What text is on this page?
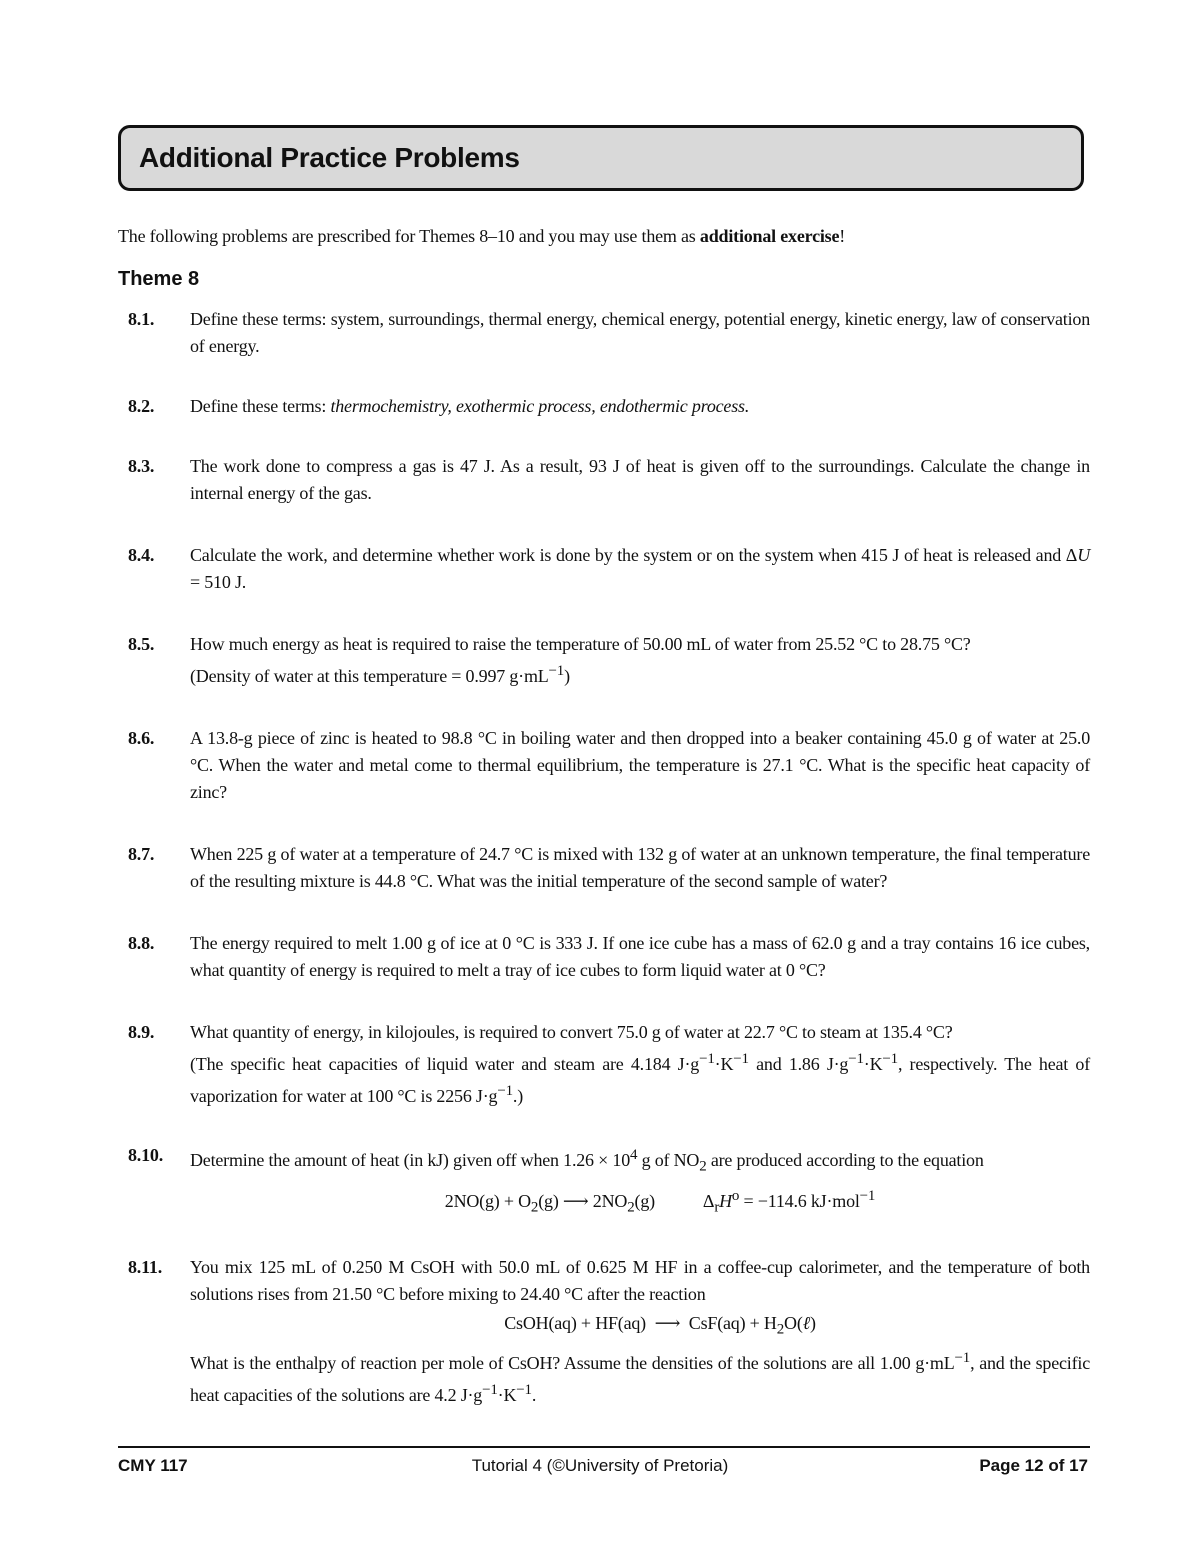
Additional Practice Problems
The following problems are prescribed for Themes 8–10 and you may use them as additional exercise!
Theme 8
8.1. Define these terms: system, surroundings, thermal energy, chemical energy, potential energy, kinetic energy, law of conservation of energy.
8.2. Define these terms: thermochemistry, exothermic process, endothermic process.
8.3. The work done to compress a gas is 47 J. As a result, 93 J of heat is given off to the surroundings. Calculate the change in internal energy of the gas.
8.4. Calculate the work, and determine whether work is done by the system or on the system when 415 J of heat is released and ΔU = 510 J.
8.5. How much energy as heat is required to raise the temperature of 50.00 mL of water from 25.52 °C to 28.75 °C?
(Density of water at this temperature = 0.997 $g\cdot mL^{-1}$)
8.6. A 13.8-g piece of zinc is heated to 98.8 °C in boiling water and then dropped into a beaker containing 45.0 g of water at 25.0 °C. When the water and metal come to thermal equilibrium, the temperature is 27.1 °C. What is the specific heat capacity of zinc?
8.7. When 225 g of water at a temperature of 24.7 °C is mixed with 132 g of water at an unknown temperature, the final temperature of the resulting mixture is 44.8 °C. What was the initial temperature of the second sample of water?
8.8. The energy required to melt 1.00 g of ice at 0 °C is 333 J. If one ice cube has a mass of 62.0 g and a tray contains 16 ice cubes, what quantity of energy is required to melt a tray of ice cubes to form liquid water at 0 °C?
8.9. What quantity of energy, in kilojoules, is required to convert 75.0 g of water at 22.7 °C to steam at 135.4 °C?
(The specific heat capacities of liquid water and steam are 4.184 $J\cdot g^{-1}\cdot K^{-1}$ and 1.86 $J\cdot g^{-1}\cdot K^{-1}$, respectively. The heat of vaporization for water at 100 °C is 2256 $J\cdot g^{-1}$.)
8.10. Determine the amount of heat (in kJ) given off when $1.26 \times 10^4$ g of $NO_2$ are produced according to the equation
$2NO(g) + O_2(g)$ ⟶ $2NO_2(g)$	$\Delta_rH^o = -114.6$ kJ·mol$^{-1}$
8.11. You mix 125 mL of 0.250 M CsOH with 50.0 mL of 0.625 M HF in a coffee-cup calorimeter, and the temperature of both solutions rises from 21.50 °C before mixing to 24.40 °C after the reaction
CsOH(aq) + HF(aq)  ⟶  $CsF(aq) + H_2O(\ell)$
What is the enthalpy of reaction per mole of CsOH? Assume the densities of the solutions are all 1.00 $g\cdot mL^{-1}$, and the specific heat capacities of the solutions are 4.2 $J\cdot g^{-1}\cdot K^{-1}$.
CMY 117	Tutorial 4 (©University of Pretoria)	Page 12 of 17
